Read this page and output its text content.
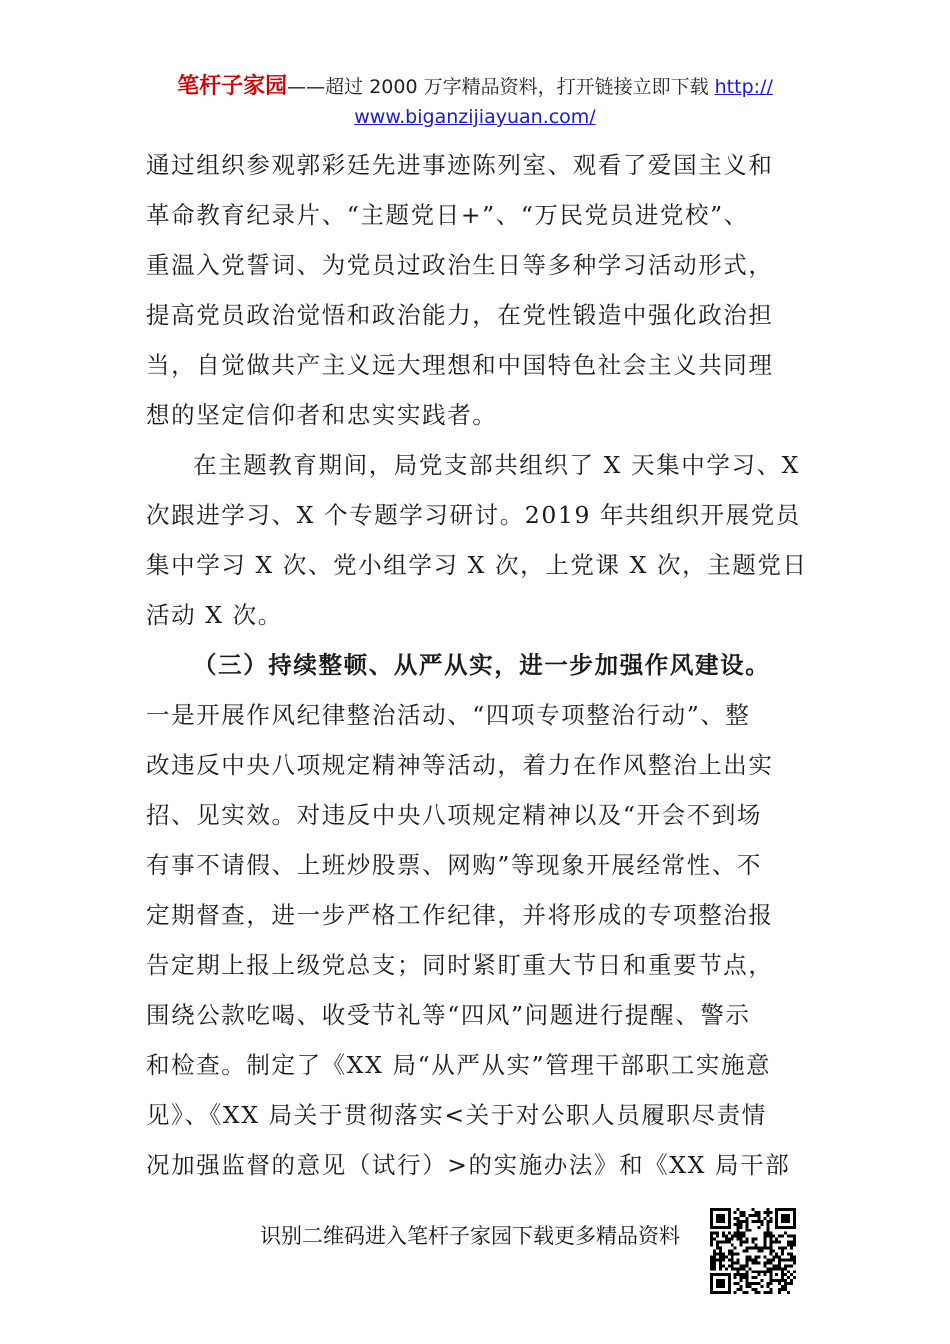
笔杆子家园——超过 2000 万字精品资料，打开链接立即下载 http://
www.biganzijiayuan.com/
通过组织参观郭彩廷先进事迹陈列室、观看了爱国主义和
革命教育纪录片、“主题党日+”、“万民党员进党校”、
重温入党誓词、为党员过政治生日等多种学习活动形式，
提高党员政治觉悟和政治能力，在党性锻造中强化政治担
当，自觉做共产主义远大理想和中国特色社会主义共同理
想的坚定信仰者和忠实实践者。
在主题教育期间，局党支部共组织了 X 天集中学习、X
次跟进学习、X 个专题学习研讨。2019 年共组织开展党员
集中学习 X 次、党小组学习 X 次，上党课 X 次，主题党日
活动 X 次。
（三）持续整顿、从严从实，进一步加强作风建设。
一是开展作风纪律整治活动、“四项专项整治行动”、整
改违反中央八项规定精神等活动，着力在作风整治上出实
招、见实效。对违反中央八项规定精神以及“开会不到场
有事不请假、上班炒股票、网购”等现象开展经常性、不
定期督查，进一步严格工作纪律，并将形成的专项整治报
告定期上报上级党总支；同时紧盯重大节日和重要节点，
围绕公款吃喝、收受节礼等“四风”问题进行提醒、警示
和检查。制定了《XX 局“从严从实”管理干部职工实施意
见》、《XX 局关于贯彻落实<关于对公职人员履职尽责情
况加强监督的意见（试行）>的实施办法》和《XX 局干部
识别二维码进入笔杆子家园下载更多精品资料
